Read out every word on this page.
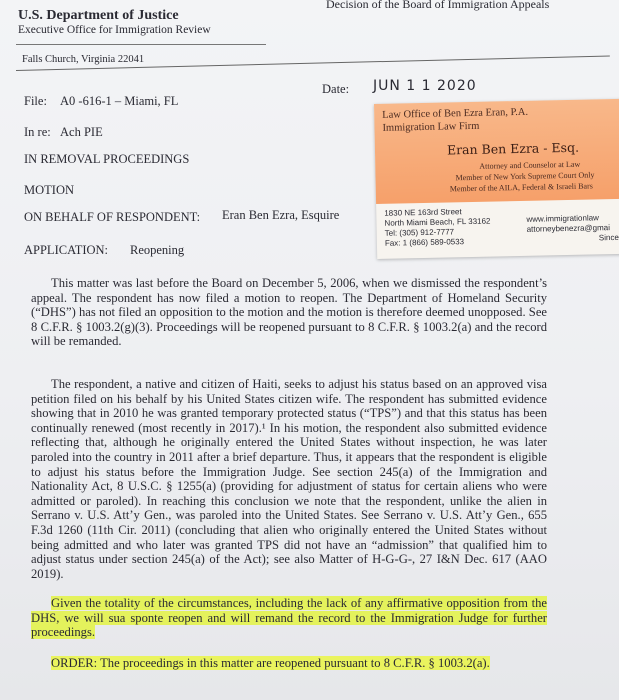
U.S. Department of Justice
Executive Office for Immigration Review
Decision of the Board of Immigration Appeals
Falls Church, Virginia 22041
File: A0 -616-1 – Miami, FL
Date: JUN 1 1 2020
In re: Ach PIE
IN REMOVAL PROCEEDINGS
MOTION
ON BEHALF OF RESPONDENT: Eran Ben Ezra, Esquire
APPLICATION: Reopening
Law Office of Ben Ezra Eran, P.A.
Immigration Law Firm
Eran Ben Ezra - Esq.
Attorney and Counselor at Law
Member of New York Supreme Court Only
Member of the AILA, Federal & Israeli Bars
1830 NE 163rd Street
North Miami Beach, FL 33162
Tel: (305) 912-7777
Fax: 1 (866) 589-0533
www.immigrationlaw
attorneybenezra@gmai
Since
This matter was last before the Board on December 5, 2006, when we dismissed the respondent’s appeal. The respondent has now filed a motion to reopen. The Department of Homeland Security (“DHS”) has not filed an opposition to the motion and the motion is therefore deemed unopposed. See 8 C.F.R. § 1003.2(g)(3). Proceedings will be reopened pursuant to 8 C.F.R. § 1003.2(a) and the record will be remanded.
The respondent, a native and citizen of Haiti, seeks to adjust his status based on an approved visa petition filed on his behalf by his United States citizen wife. The respondent has submitted evidence showing that in 2010 he was granted temporary protected status (“TPS”) and that this status has been continually renewed (most recently in 2017).¹ In his motion, the respondent also submitted evidence reflecting that, although he originally entered the United States without inspection, he was later paroled into the country in 2011 after a brief departure. Thus, it appears that the respondent is eligible to adjust his status before the Immigration Judge. See section 245(a) of the Immigration and Nationality Act, 8 U.S.C. § 1255(a) (providing for adjustment of status for certain aliens who were admitted or paroled). In reaching this conclusion we note that the respondent, unlike the alien in Serrano v. U.S. Att’y Gen., was paroled into the United States. See Serrano v. U.S. Att’y Gen., 655 F.3d 1260 (11th Cir. 2011) (concluding that alien who originally entered the United States without being admitted and who later was granted TPS did not have an “admission” that qualified him to adjust status under section 245(a) of the Act); see also Matter of H-G-G-, 27 I&N Dec. 617 (AAO 2019).
Given the totality of the circumstances, including the lack of any affirmative opposition from the DHS, we will sua sponte reopen and will remand the record to the Immigration Judge for further proceedings.
ORDER: The proceedings in this matter are reopened pursuant to 8 C.F.R. § 1003.2(a).
